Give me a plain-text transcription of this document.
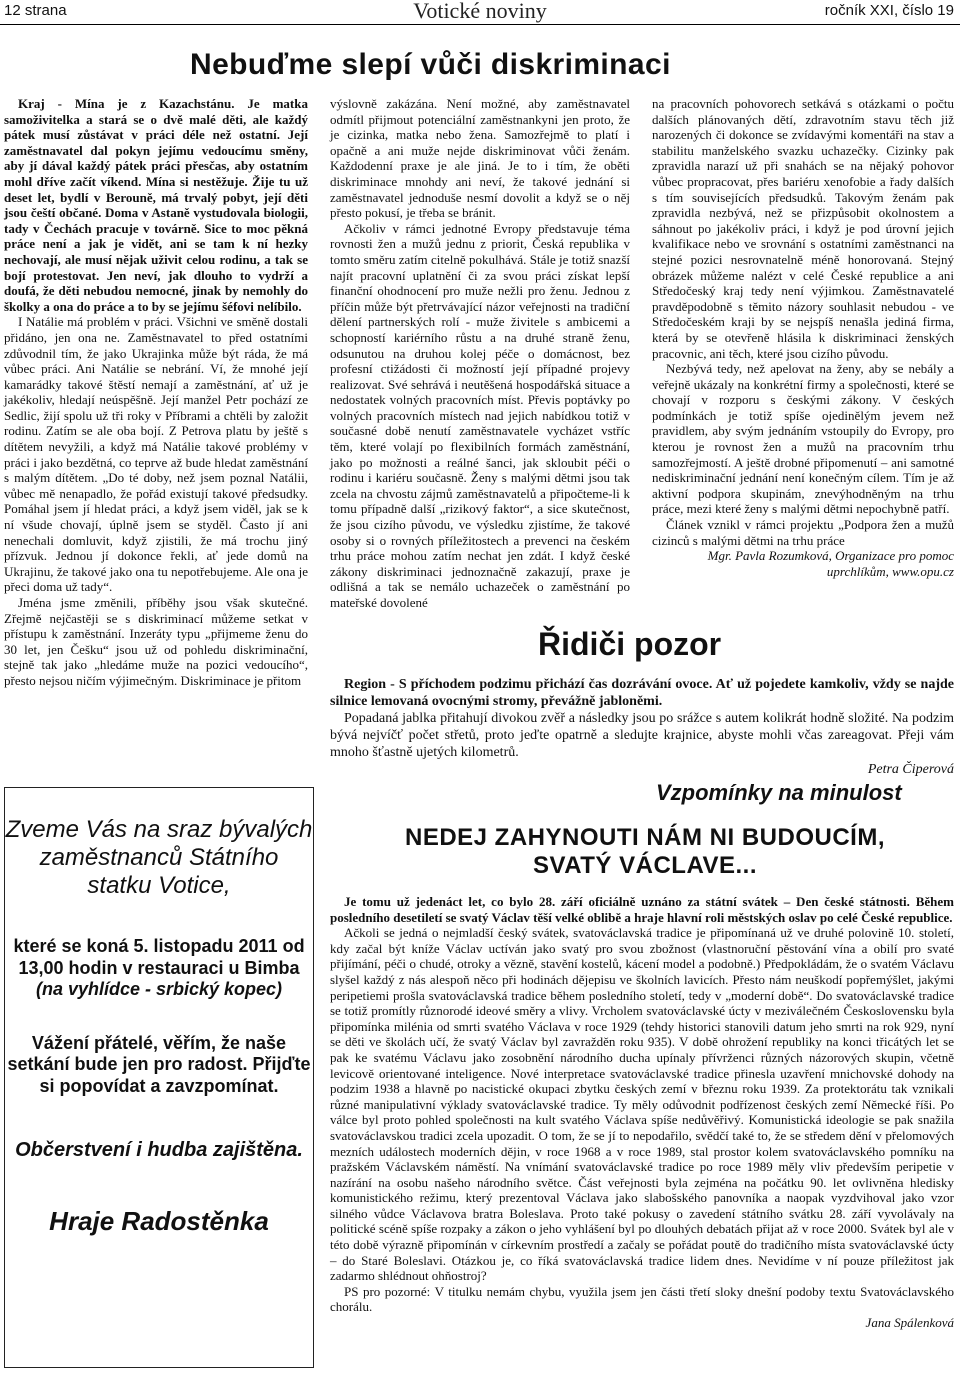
12 strana	Votické noviny	ročník XXI, číslo 19
Nebuďme slepí vůči diskriminaci

Kraj - Mína je z Kazachstánu. Je matka samoživitelka a stará se o dvě malé děti, ale každý pátek musí zůstávat v práci déle než ostatní. Její zaměstnavatel dal pokyn jejímu vedoucímu směny, aby jí dával každý pátek práci přesčas, aby ostatním mohl dříve začít víkend. Mína si nestěžuje. Žije tu už deset let, bydlí v Berouně, má trvalý pobyt, její děti jsou čeští občané. Doma v Astaně vystudovala biologii, tady v Čechách pracuje v továrně. Sice to moc pěkná práce není a jak je vidět, ani se tam k ní hezky nechovají, ale musí nějak uživit celou rodinu, a tak se bojí protestovat. Jen neví, jak dlouho to vydrží a doufá, že děti nebudou nemocné, jinak by nemohly do školky a ona do práce a to by se jejímu šéfovi nelíbilo.

I Natálie má problém v práci. Všichni ve směně dostali přidáno, jen ona ne. Zaměstnavatel to před ostatními zdůvodnil tím, že jako Ukrajinka může být ráda, že má vůbec práci. Ani Natálie se nebrání. Ví, že mnohé její kamarádky takové štěstí nemají a zaměstnání, ať už je jakékoliv, hledají neúspěšně. Její manžel Petr pochází ze Sedlic, žijí spolu už tři roky v Příbrami a chtěli by založit rodinu. Zatím se ale oba bojí. Z Petrova platu by ještě s dítětem nevyžili, a když má Natálie takové problémy v práci i jako bezdětná, co teprve až bude hledat zaměstnání s malým dítětem. „Do té doby, než jsem poznal Natálii, vůbec mě nenapadlo, že pořád existují takové předsudky. Pomáhal jsem jí hledat práci, a když jsem viděl, jak se k ní všude chovají, úplně jsem se styděl. Často jí ani nenechali domluvit, když zjistili, že má trochu jiný přízvuk. Jednou jí dokonce řekli, ať jede domů na Ukrajinu, že takové jako ona tu nepotřebujeme. Ale ona je přeci doma už tady“.

Jména jsme změnili, příběhy jsou však skutečné. Zřejmě nejčastěji se s diskriminací můžeme setkat v přístupu k zaměstnání. Inzeráty typu „přijmeme ženu do 30 let, jen Češku“ jsou už od pohledu diskriminační, stejně tak jako „hledáme muže na pozici vedoucího“, přesto nejsou ničím výjimečným. Diskriminace je přitom

výslovně zakázána. Není možné, aby zaměstnavatel odmítl přijmout potenciální zaměstnankyni jen proto, že je cizinka, matka nebo žena. Samozřejmě to platí i opačně a ani muže nejde diskriminovat vůči ženám. Každodenní praxe je ale jiná. Je to i tím, že oběti diskriminace mnohdy ani neví, že takové jednání si zaměstnavatel jednoduše nesmí dovolit a když se o něj přesto pokusí, je třeba se bránit.

Ačkoliv v rámci jednotné Evropy představuje téma rovnosti žen a mužů jednu z priorit, Česká republika v tomto směru zatím citelně pokulhává. Stále je totiž snazší najít pracovní uplatnění či za svou práci získat lepší finanční ohodnocení pro muže nežli pro ženu. Jednou z příčin může být přetrvávající názor veřejnosti na tradiční dělení partnerských rolí - muže živitele s ambicemi a schopností kariérního růstu a na druhé straně ženu, odsunutou na druhou kolej péče o domácnost, bez profesní ctižádosti či možností její případné projevy realizovat. Své sehrává i neutěšená hospodářská situace a nedostatek volných pracovních míst. Převis poptávky po volných pracovních místech nad jejich nabídkou totiž v současné době nenutí zaměstnavatele vycházet vstříc těm, které volají po flexibilních formách zaměstnání, jako po možnosti a reálné šanci, jak skloubit péči o rodinu i kariéru současně. Ženy s malými dětmi jsou tak zcela na chvostu zájmů zaměstnavatelů a připočteme-li k tomu případně další „rizikový faktor“, a sice skutečnost, že jsou cizího původu, ve výsledku zjistíme, že takové osoby si o rovných příležitostech a prevenci na českém trhu práce mohou zatím nechat jen zdát. I když české zákony diskriminaci jednoznačně zakazují, praxe je odlišná a tak se nemálo uchazeček o zaměstnání po mateřské dovolené

na pracovních pohovorech setkává s otázkami o počtu dalších plánovaných dětí, zdravotním stavu těch již narozených či dokonce se zvídavými komentáři na stav a stabilitu manželského svazku uchazečky. Cizinky pak zpravidla narazí už při snahách se na nějaký pohovor vůbec propracovat, přes bariéru xenofobie a řady dalších s tím souvisejících předsudků. Takovým ženám pak zpravidla nezbývá, než se přizpůsobit okolnostem a sáhnout po jakékoliv práci, i když je pod úrovní jejich kvalifikace nebo ve srovnání s ostatními zaměstnanci na stejné pozici nesrovnatelně méně honorovaná. Stejný obrázek můžeme nalézt v celé České republice a ani Středočeský kraj tedy není výjimkou. Zaměstnavatelé pravděpodobně s těmito názory souhlasit nebudou - ve Středočeském kraji by se nejspíš nenašla jediná firma, která by se otevřeně hlásila k diskriminaci ženských pracovnic, ani těch, které jsou cizího původu.

Nezbývá tedy, než apelovat na ženy, aby se nebály a veřejně ukázaly na konkrétní firmy a společnosti, které se chovají v rozporu s českými zákony. V českých podmínkách je totiž spíše ojedinělým jevem než pravidlem, aby svým jednáním vstoupily do Evropy, pro kterou je rovnost žen a mužů na pracovním trhu samozřejmostí. A ještě drobné připomenutí – ani samotné nediskriminační jednání není konečným cílem. Tím je až aktivní podpora skupinám, znevýhodněným na trhu práce, mezi které ženy s malými dětmi nepochybně patří.

Článek vznikl v rámci projektu „Podpora žen a mužů cizinců s malými dětmi na trhu práce

Mgr. Pavla Rozumková, Organizace pro pomoc uprchlíkům, www.opu.cz

Řidiči pozor

Region - S příchodem podzimu přichází čas dozrávání ovoce. Ať už pojedete kamkoliv, vždy se najde silnice lemovaná ovocnými stromy, převážně jabloněmi.

Popadaná jablka přitahují divokou zvěř a následky jsou po srážce s autem kolikrát hodně složité. Na podzim bývá nejvíčť počet střetů, proto jeďte opatrně a sledujte krajnice, abyste mohli včas zareagovat. Přeji vám mnoho šťastně ujetých kilometrů.

Petra Čiperová

Vzpomínky na minulost
NEDEJ ZAHYNOUTI NÁM NI BUDOUCÍM,
SVATÝ VÁCLAVE...

Je tomu už jedenáct let, co bylo 28. září oficiálně uznáno za státní svátek – Den české státnosti. Během posledního desetiletí se svatý Václav těší velké oblibě a hraje hlavní roli městských oslav po celé České republice.

Ačkoli se jedná o nejmladší český svátek, svatováclavská tradice je připomínaná už ve druhé polovině 10. století, kdy začal být kníže Václav uctíván jako svatý pro svou zbožnost (vlastnoruční pěstování vína a obilí pro svaté přijímání, péči o chudé, otroky a vězně, stavění kostelů, kácení model a podobně.) Předpokládám, že o svatém Václavu slyšel každý z nás alespoň něco při hodinách dějepisu ve školních lavicích. Přesto nám neuškodí popřemýšlet, jakými peripetiemi prošla svatováclavská tradice během posledního století, tedy v „moderní době“. Do svatováclavské tradice se totiž promítly různorodé ideové směry a vlivy. Vrcholem svatováclavské úcty v meziválečném Československu byla připomínka milénia od smrti svatého Václava v roce 1929 (tehdy historici stanovili datum jeho smrti na rok 929, nyní se děti ve školách učí, že svatý Václav byl zavražděn roku 935). V době ohrožení republiky na konci třicátých let se pak ke svatému Václavu jako zosobnění národního ducha upínaly přívrženci různých názorových skupin, včetně levicově orientované inteligence. Nové interpretace svatováclavské tradice přinesla uzavření mnichovské dohody na podzim 1938 a hlavně po nacistické okupaci zbytku českých zemí v březnu roku 1939. Za protektorátu tak vznikali různé manipulativní výklady svatováclavské tradice. Ty měly odůvodnit podřízenost českých zemí Německé říši. Po válce byl proto pohled společnosti na kult svatého Václava spíše nedůvěřivý. Komunistická ideologie se pak snažila svatováclavskou tradici zcela upozadit. O tom, že se jí to nepodařilo, svědčí také to, že se středem dění v přelomových mezních událostech moderních dějin, v roce 1968 a v roce 1989, stal prostor kolem svatováclavského pomníku na pražském Václavském náměstí. Na vnímání svatováclavské tradice po roce 1989 měly vliv především peripetie v nazírání na osobu našeho národního světce. Část veřejnosti byla zejména na počátku 90. let ovlivněna hledisky komunistického režimu, který prezentoval Václava jako slabošského panovníka a naopak vyzdvihoval jako vzor silného vůdce Václavova bratra Boleslava. Proto také pokusy o zavedení státního svátku 28. září vyvolávaly na politické scéně spíše rozpaky a zákon o jeho vyhlášení byl po dlouhých debatách přijat až v roce 2000. Svátek byl ale v této době výrazně připomínán v církevním prostředí a začaly se pořádat poutě do tradičního místa svatováclavské úcty – do Staré Boleslavi. Otázkou je, co říká svatováclavská tradice lidem dnes. Nevidíme v ní pouze příležitost jak zadarmo shlédnout ohňostroj?

PS pro pozorné: V titulku nemám chybu, využila jsem jen části třetí sloky dnešní podoby textu Svatováclavského chorálu.

Jana Spálenková

Zveme Vás na sraz bývalých zaměstnanců Státního statku Votice,
které se koná 5. listopadu 2011 od 13,00 hodin v restauraci u Bimba
(na vyhlídce - srbický kopec)
Vážení přátelé, věřím, že naše setkání bude jen pro radost. Přijďte si popovídat a zavzpomínat.
Občerstvení i hudba zajištěna.
Hraje Radostěnka
